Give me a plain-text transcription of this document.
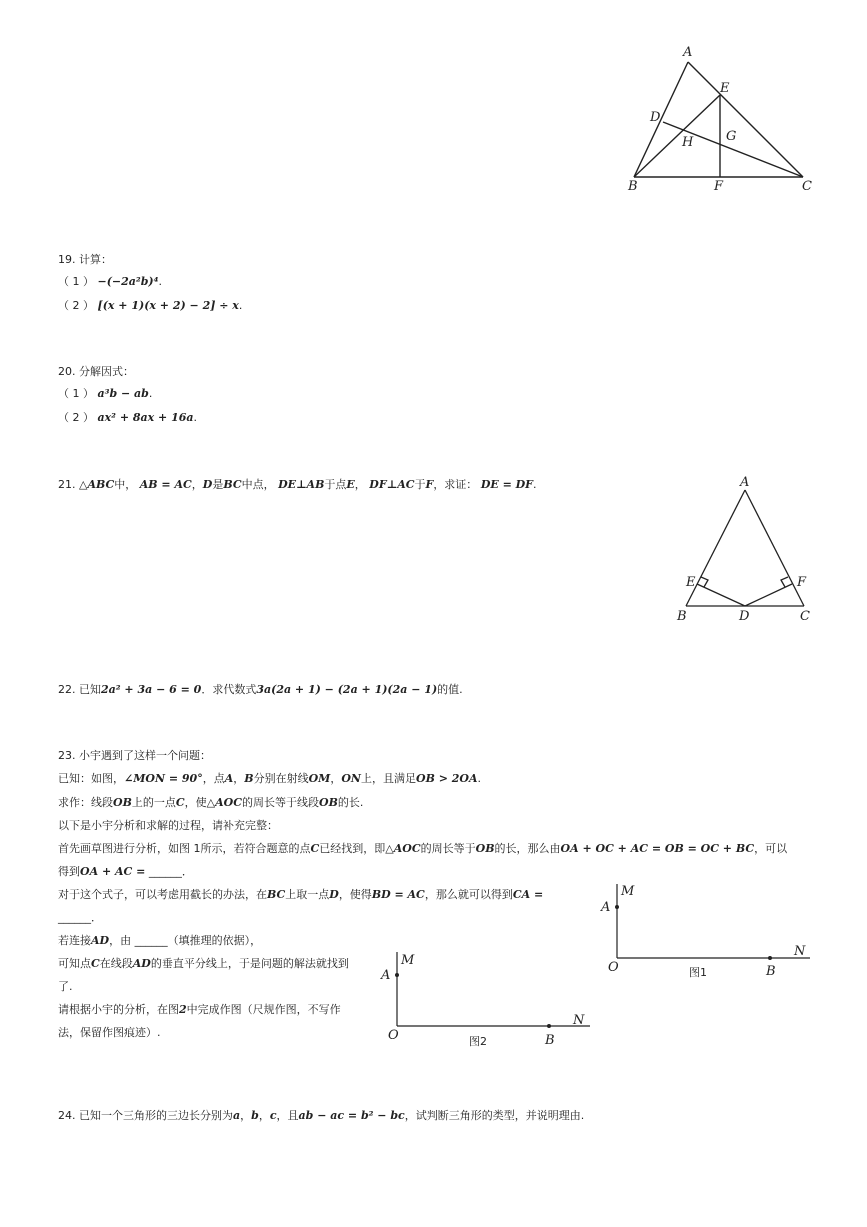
A
E
D
G
H
B	F	C
19. 计算：
（ 1 ） −(−2a²b)⁴.
（ 2 ） [(x + 1)(x + 2) − 2] ÷ x.
20. 分解因式：
（ 1 ） a³b − ab.
（ 2 ） ax² + 8ax + 16a.
21. △ABC中， AB = AC，D是BC中点， DE⊥AB于点E， DF⊥AC于F，求证： DE = DF.	A
E	F
B	D	C
22. 已知2a² + 3a − 6 = 0．求代数式3a(2a + 1) − (2a + 1)(2a − 1)的值.
23. 小宇遇到了这样一个问题：
已知：如图，∠MON = 90°，点A，B分别在射线OM，ON上，且满足OB > 2OA.
求作：线段OB上的一点C，使△AOC的周长等于线段OB的长.
以下是小宇分析和求解的过程，请补充完整：
首先画草图进行分析，如图 1所示，若符合题意的点C已经找到，即△AOC的周长等于OB的长，那么由OA + OC + AC = OB = OC + BC，可以
得到OA + AC = ______．
对于这个式子，可以考虑用截长的办法，在BC上取一点D，使得BD = AC，那么就可以得到CA =
______．
若连接AD，由 ______（填推理的依据），
可知点C在线段AD的垂直平分线上，于是问题的解法就找到
了.
请根据小宇的分析，在图2中完成作图（尺规作图，不写作
法，保留作图痕迹）.
M
A
O
N
B
图1
M
A
O
N
B
图2
24. 已知一个三角形的三边长分别为a，b，c，且ab − ac = b² − bc，试判断三角形的类型，并说明理由.
